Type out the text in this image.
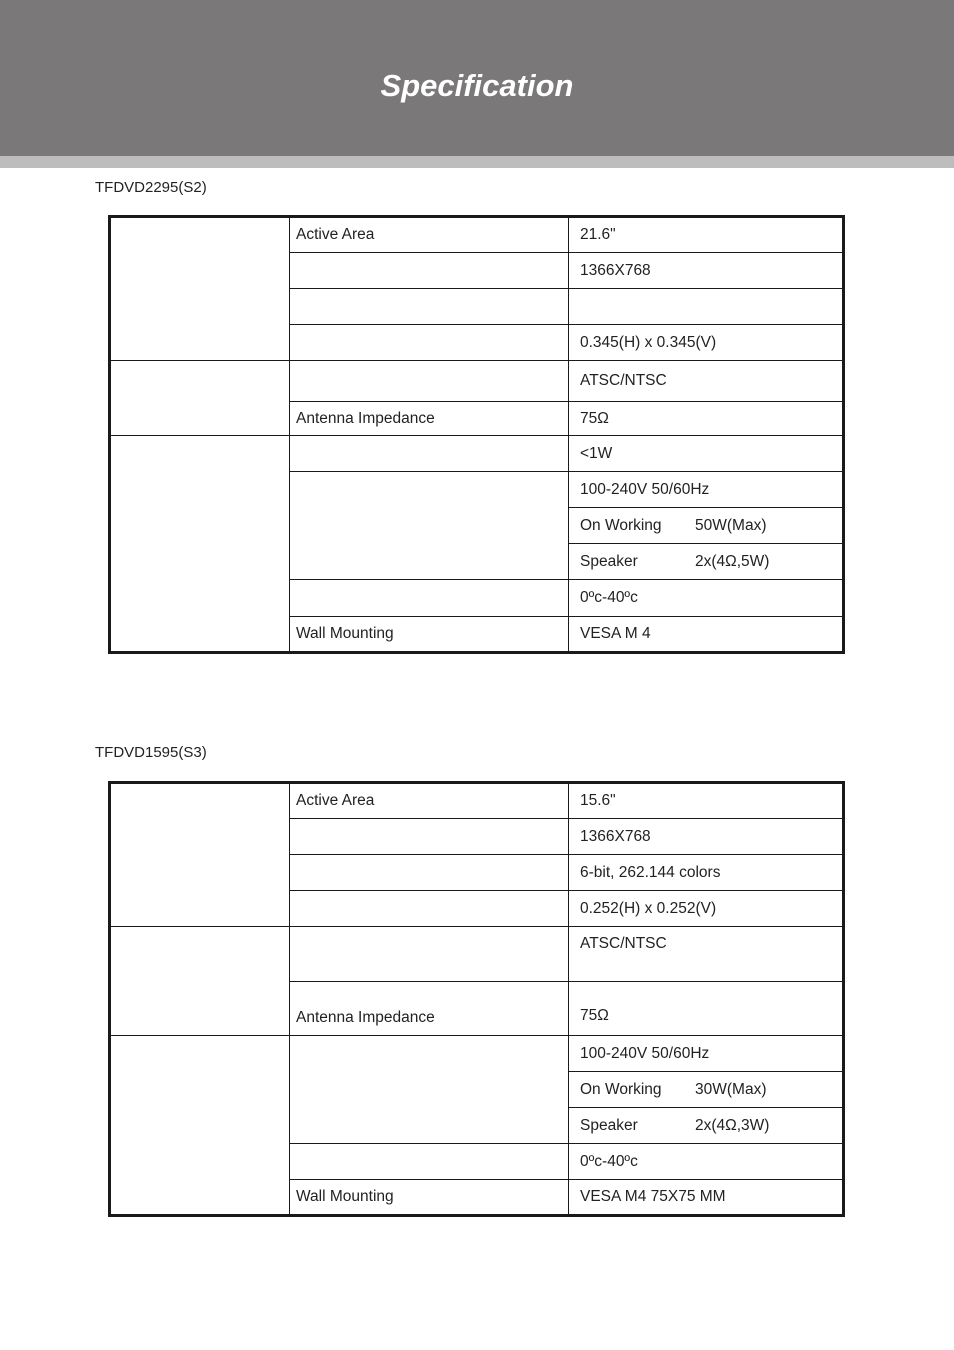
Specification
TFDVD2295(S2)
	Active Area	21.6"
		1366X768

		0.345(H) x 0.345(V)
		ATSC/NTSC
	Antenna Impedance	75Ω
		<1W
		100-240V 50/60Hz
		On Working 50W(Max)
		Speaker 2x(4Ω,5W)
		0ºc-40ºc
	Wall Mounting	VESA M 4
TFDVD1595(S3)
	Active Area	15.6"
		1366X768
		6-bit, 262.144 colors
		0.252(H) x 0.252(V)
		ATSC/NTSC
	Antenna Impedance	75Ω
		100-240V 50/60Hz
		On Working 30W(Max)
		Speaker 2x(4Ω,3W)
		0ºc-40ºc
	Wall Mounting	VESA M4 75X75 MM
